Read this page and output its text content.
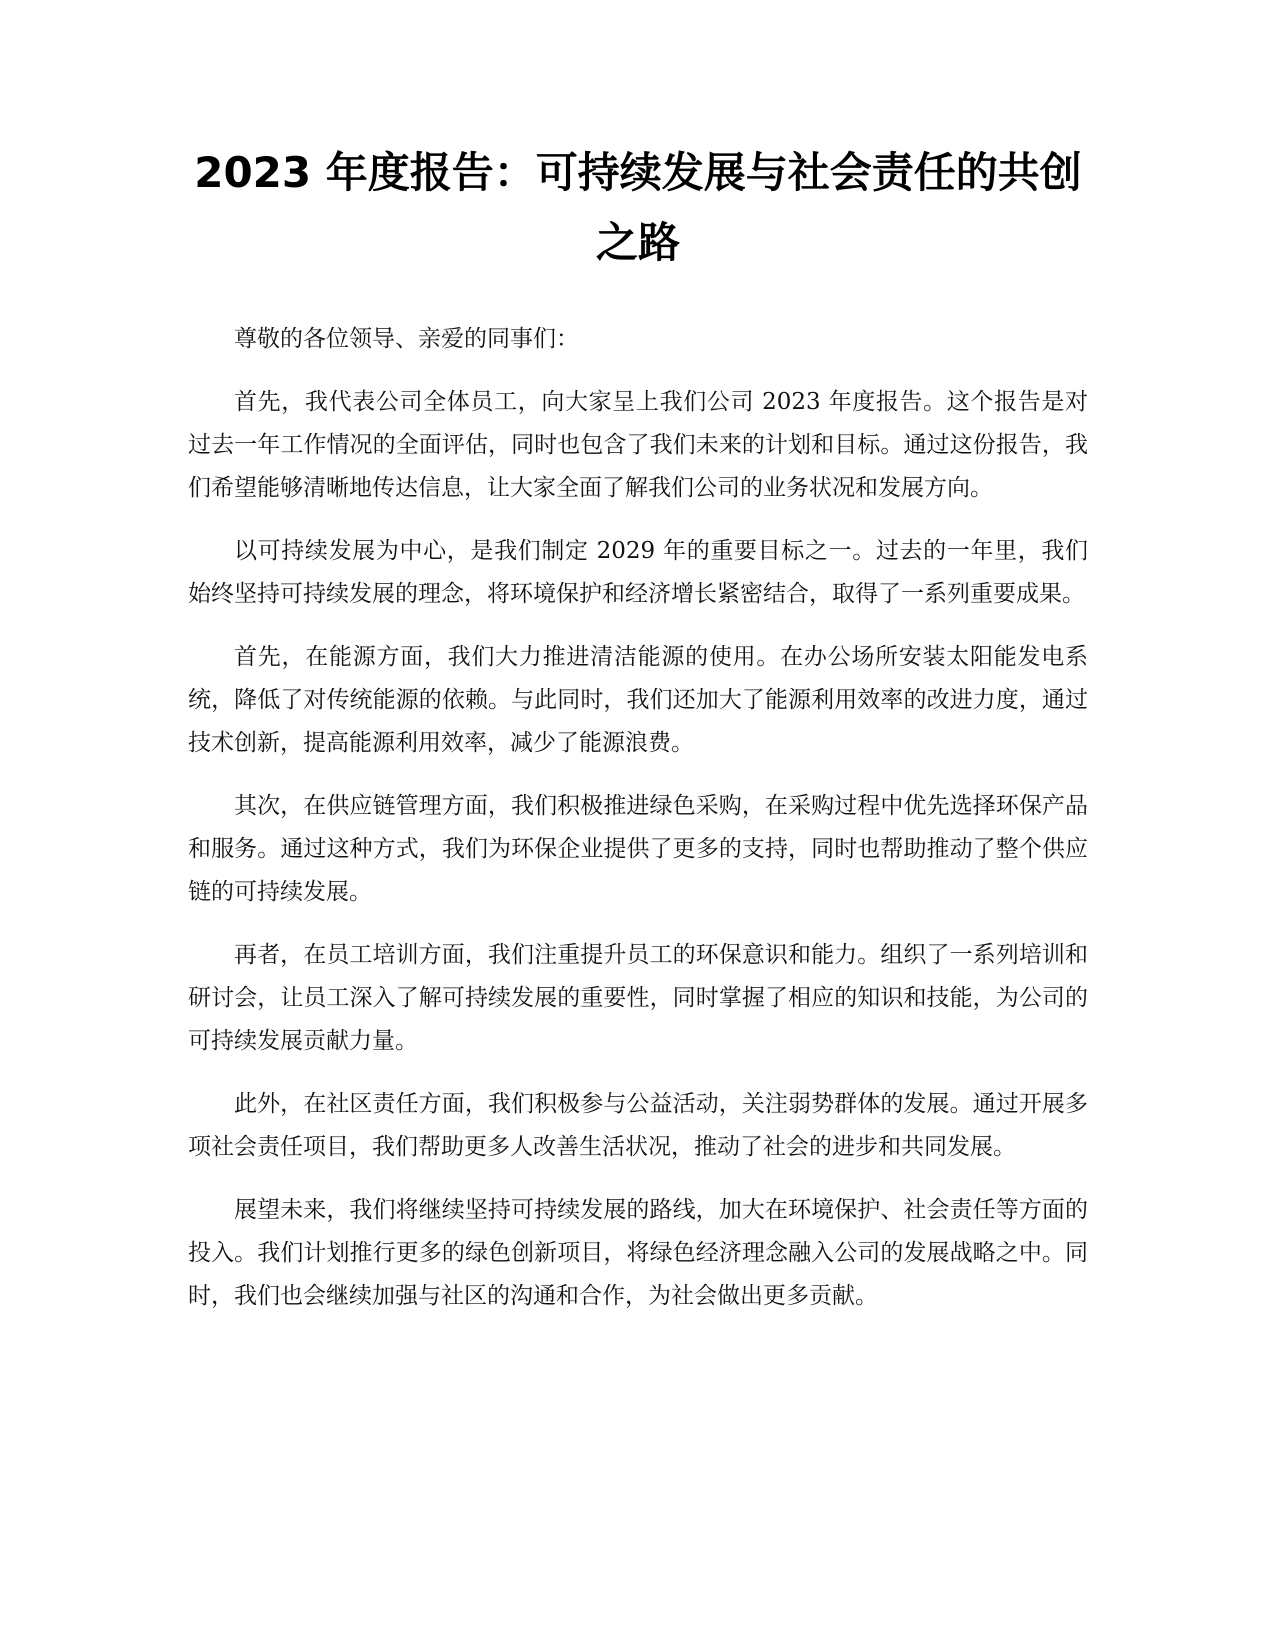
2023 年度报告：可持续发展与社会责任的共创之路

尊敬的各位领导、亲爱的同事们：

首先，我代表公司全体员工，向大家呈上我们公司 2023 年度报告。这个报告是对过去一年工作情况的全面评估，同时也包含了我们未来的计划和目标。通过这份报告，我们希望能够清晰地传达信息，让大家全面了解我们公司的业务状况和发展方向。

以可持续发展为中心，是我们制定 2029 年的重要目标之一。过去的一年里，我们始终坚持可持续发展的理念，将环境保护和经济增长紧密结合，取得了一系列重要成果。

首先，在能源方面，我们大力推进清洁能源的使用。在办公场所安装太阳能发电系统，降低了对传统能源的依赖。与此同时，我们还加大了能源利用效率的改进力度，通过技术创新，提高能源利用效率，减少了能源浪费。

其次，在供应链管理方面，我们积极推进绿色采购，在采购过程中优先选择环保产品和服务。通过这种方式，我们为环保企业提供了更多的支持，同时也帮助推动了整个供应链的可持续发展。

再者，在员工培训方面，我们注重提升员工的环保意识和能力。组织了一系列培训和研讨会，让员工深入了解可持续发展的重要性，同时掌握了相应的知识和技能，为公司的可持续发展贡献力量。

此外，在社区责任方面，我们积极参与公益活动，关注弱势群体的发展。通过开展多项社会责任项目，我们帮助更多人改善生活状况，推动了社会的进步和共同发展。

展望未来，我们将继续坚持可持续发展的路线，加大在环境保护、社会责任等方面的投入。我们计划推行更多的绿色创新项目，将绿色经济理念融入公司的发展战略之中。同时，我们也会继续加强与社区的沟通和合作，为社会做出更多贡献。
